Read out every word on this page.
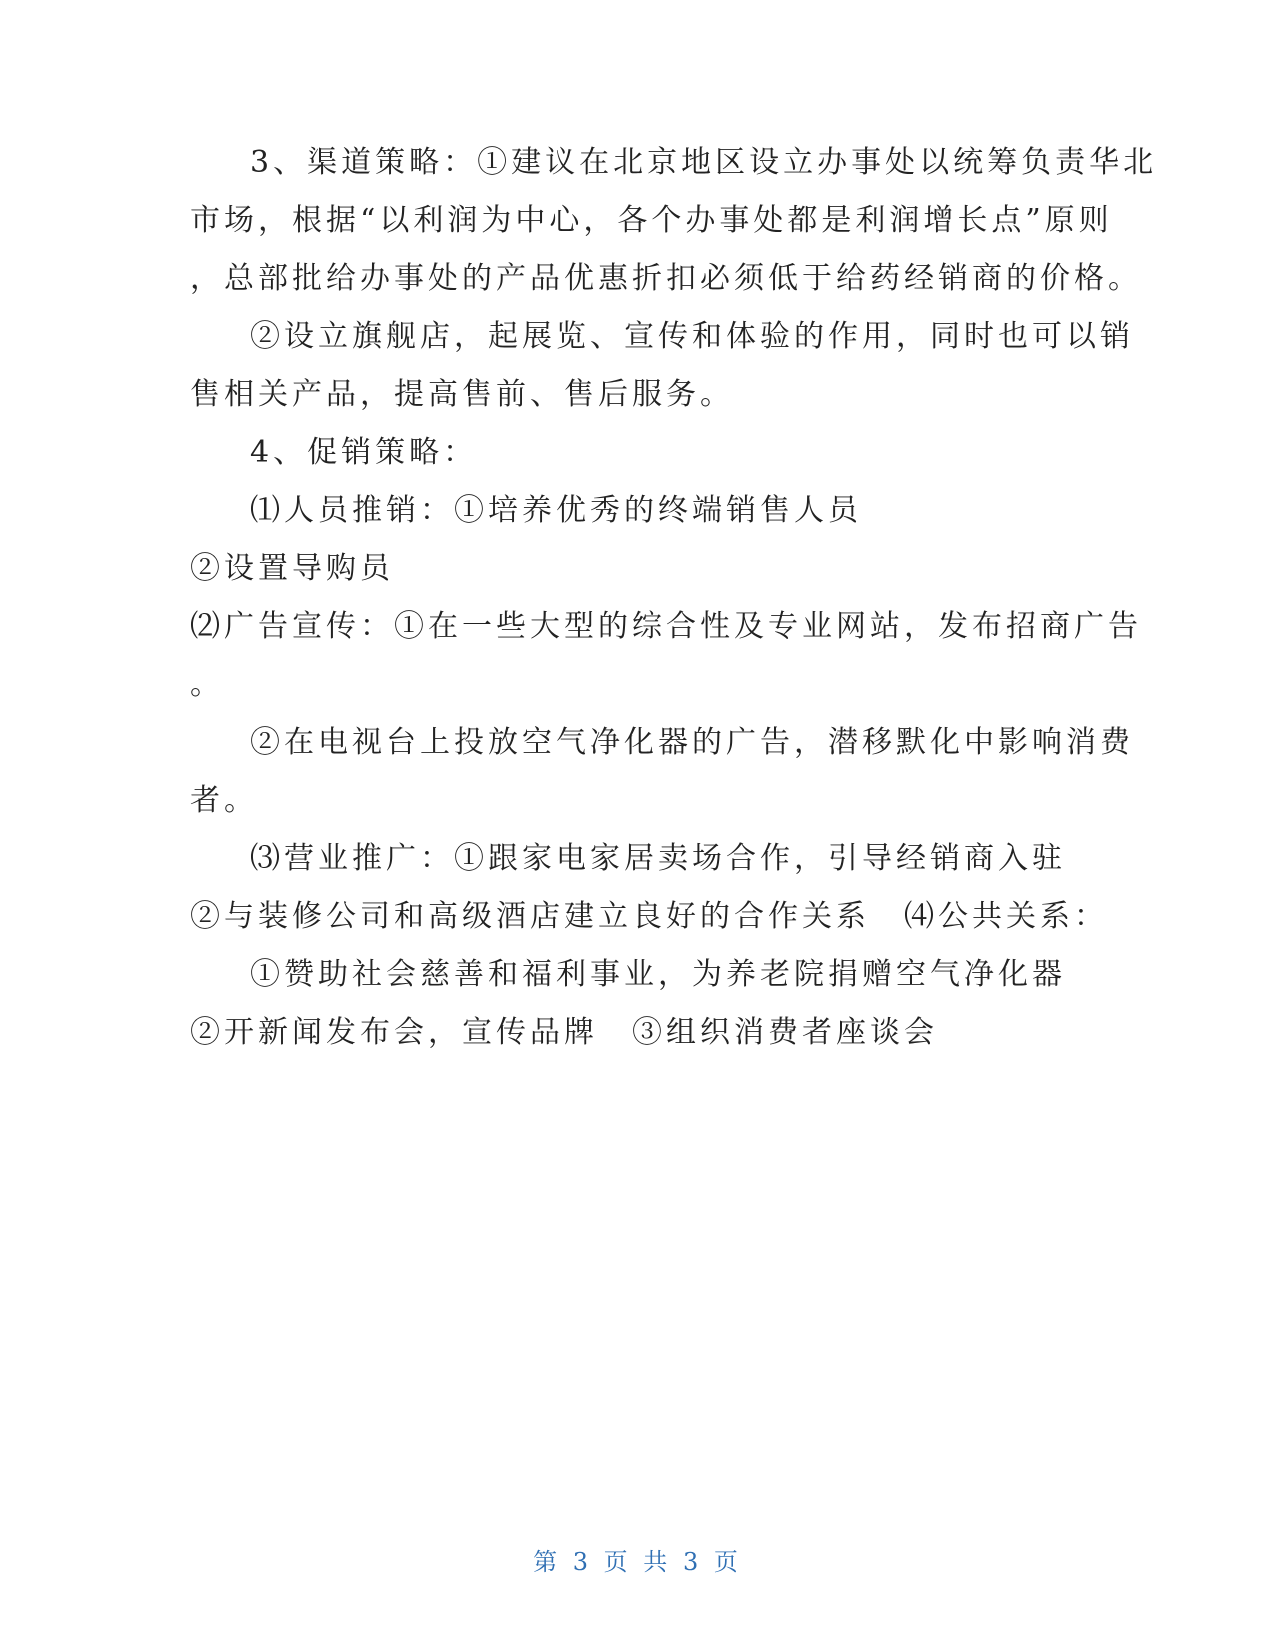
3、渠道策略：①建议在北京地区设立办事处以统筹负责华北
市场，根据“以利润为中心，各个办事处都是利润增长点”原则
，总部批给办事处的产品优惠折扣必须低于给药经销商的价格。
②设立旗舰店，起展览、宣传和体验的作用，同时也可以销
售相关产品，提高售前、售后服务。
4、促销策略：
⑴人员推销：①培养优秀的终端销售人员
②设置导购员
⑵广告宣传：①在一些大型的综合性及专业网站，发布招商广告
。
②在电视台上投放空气净化器的广告，潜移默化中影响消费
者。
⑶营业推广：①跟家电家居卖场合作，引导经销商入驻
②与装修公司和高级酒店建立良好的合作关系　⑷公共关系：
①赞助社会慈善和福利事业，为养老院捐赠空气净化器
②开新闻发布会，宣传品牌　③组织消费者座谈会
第 3 页 共 3 页
